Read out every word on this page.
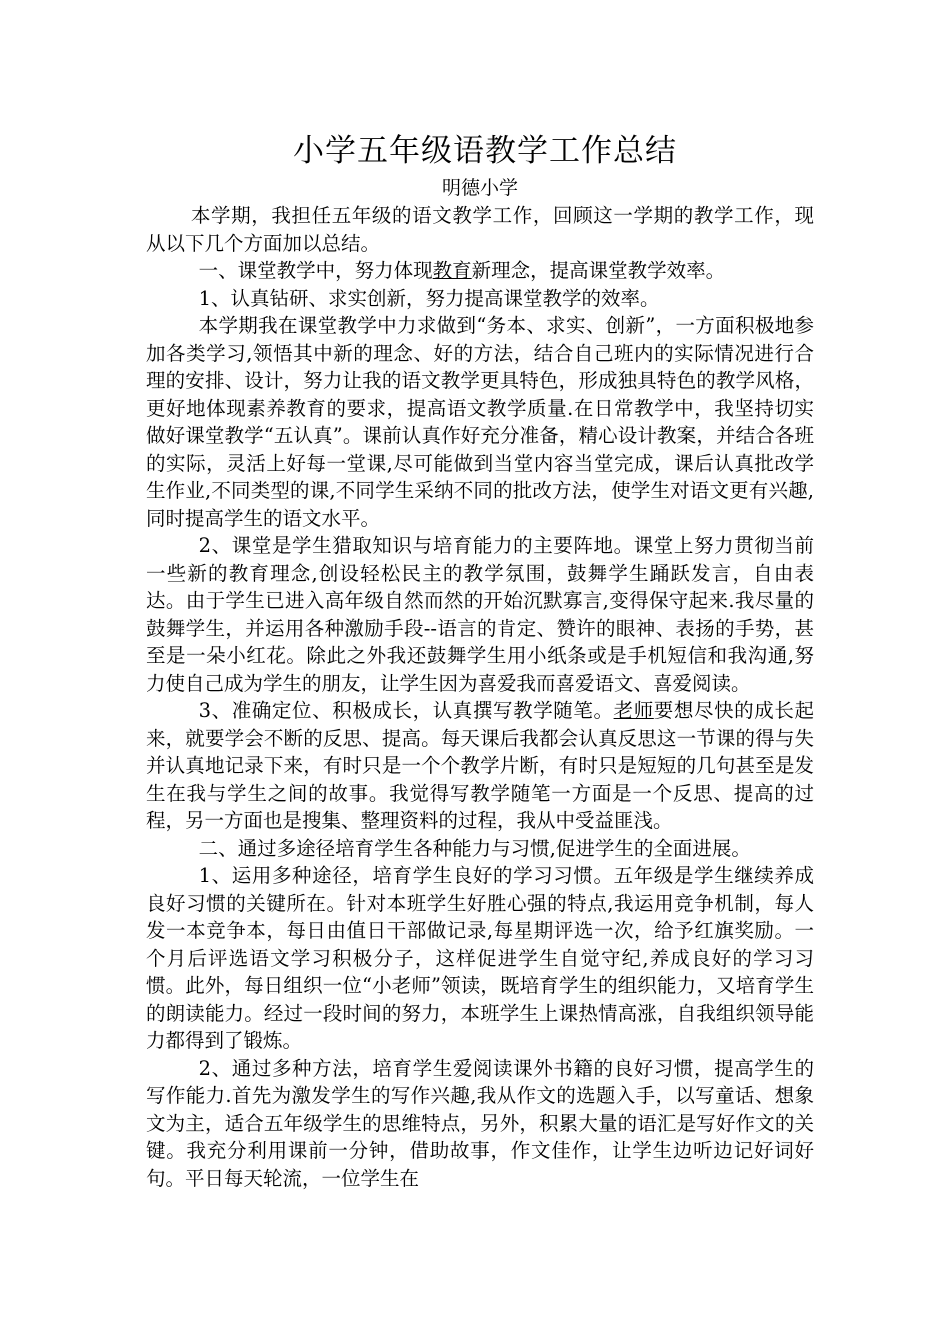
小学五年级语教学工作总结
明德小学

本学期，我担任五年级的语文教学工作，回顾这一学期的教学工作，现从以下几个方面加以总结。

一、课堂教学中，努力体现教育新理念，提高课堂教学效率。

1、认真钻研、求实创新，努力提高课堂教学的效率。

本学期我在课堂教学中力求做到“务本、求实、创新”，一方面积极地参加各类学习,领悟其中新的理念、好的方法，结合自己班内的实际情况进行合理的安排、设计，努力让我的语文教学更具特色，形成独具特色的教学风格，更好地体现素养教育的要求，提高语文教学质量.在日常教学中，我坚持切实做好课堂教学“五认真”。课前认真作好充分准备，精心设计教案，并结合各班的实际，灵活上好每一堂课,尽可能做到当堂内容当堂完成，课后认真批改学生作业,不同类型的课,不同学生采纳不同的批改方法，使学生对语文更有兴趣,同时提高学生的语文水平。

2、课堂是学生猎取知识与培育能力的主要阵地。课堂上努力贯彻当前一些新的教育理念,创设轻松民主的教学氛围，鼓舞学生踊跃发言，自由表达。由于学生已进入高年级自然而然的开始沉默寡言,变得保守起来.我尽量的鼓舞学生，并运用各种激励手段--语言的肯定、赞许的眼神、表扬的手势，甚至是一朵小红花。除此之外我还鼓舞学生用小纸条或是手机短信和我沟通,努力使自己成为学生的朋友，让学生因为喜爱我而喜爱语文、喜爱阅读。

3、准确定位、积极成长，认真撰写教学随笔。老师要想尽快的成长起来，就要学会不断的反思、提高。每天课后我都会认真反思这一节课的得与失并认真地记录下来，有时只是一个个教学片断，有时只是短短的几句甚至是发生在我与学生之间的故事。我觉得写教学随笔一方面是一个反思、提高的过程，另一方面也是搜集、整理资料的过程，我从中受益匪浅。

二、通过多途径培育学生各种能力与习惯,促进学生的全面进展。

1、运用多种途径，培育学生良好的学习习惯。五年级是学生继续养成良好习惯的关键所在。针对本班学生好胜心强的特点,我运用竞争机制，每人发一本竞争本，每日由值日干部做记录,每星期评选一次，给予红旗奖励。一个月后评选语文学习积极分子，这样促进学生自觉守纪,养成良好的学习习惯。此外，每日组织一位“小老师”领读，既培育学生的组织能力，又培育学生的朗读能力。经过一段时间的努力，本班学生上课热情高涨，自我组织领导能力都得到了锻炼。

2、通过多种方法，培育学生爱阅读课外书籍的良好习惯，提高学生的写作能力.首先为激发学生的写作兴趣,我从作文的选题入手，以写童话、想象文为主，适合五年级学生的思维特点，另外，积累大量的语汇是写好作文的关键。我充分利用课前一分钟，借助故事，作文佳作，让学生边听边记好词好句。平日每天轮流，一位学生在
